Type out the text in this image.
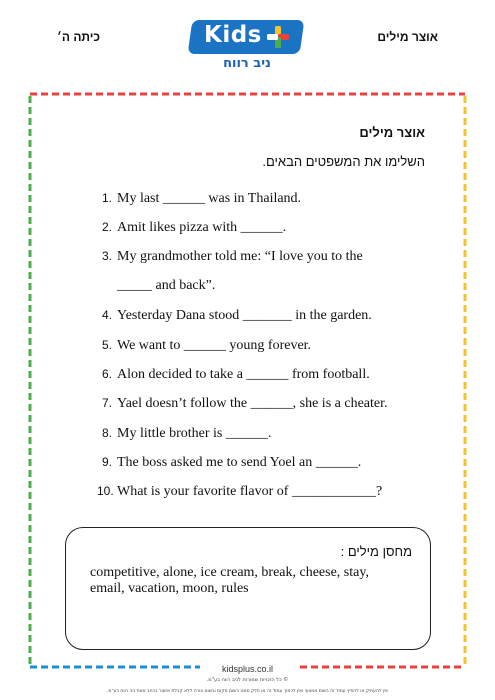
כיתה ה׳	אוצר מילים
Kids
ניב רווח
אוצר מילים
השלימו את המשפטים הבאים.
1. My last ______ was in Thailand.
2. Amit likes pizza with ______.
3. My grandmother told me: “I love you to the
_____ and back”.
4. Yesterday Dana stood _______ in the garden.
5. We want to ______ young forever.
6. Alon decided to take a ______ from football.
7. Yael doesn’t follow the ______, she is a cheater.
8. My little brother is ______.
9. The boss asked me to send Yoel an ______.
10. What is your favorite flavor of ____________?
מחסן מילים :
competitive, alone, ice cream, break, cheese, stay, email, vacation, moon, rules
kidsplus.co.il
© כל הזכויות שמורות לניב רווח בע"מ.
אין להעתיק או להפיץ עמוד זה בשום אמצעי ואין לכמוך עמוד זה או חלק ממנו בשום מקום ובשום צורה ללא קבלת אישור בכתב מאת ניב רווח בע"מ.
